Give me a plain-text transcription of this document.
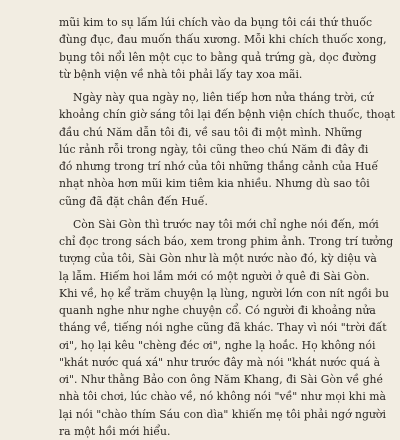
mũi kim to sụ lấm lúi chích vào da bụng tôi cái thứ thuốc
đùng đục, đau muốn thấu xương. Mỗi khi chích thuốc xong,
bụng tôi nổi lên một cục to bằng quả trứng gà, dọc đường
từ bệnh viện về nhà tôi phải lấy tay xoa mãi.
Ngày này qua ngày nọ, liên tiếp hơn nửa tháng trời, cứ
khoảng chín giờ sáng tôi lại đến bệnh viện chích thuốc, thoạt
đầu chú Năm dẫn tôi đi, về sau tôi đi một mình. Những
lúc rảnh rỗi trong ngày, tôi cũng theo chú Năm đi đây đi
đó nhưng trong trí nhớ của tôi những thắng cảnh của Huế
nhạt nhòa hơn mũi kim tiêm kia nhiều. Nhưng dù sao tôi
cũng đã đặt chân đến Huế.
Còn Sài Gòn thì trước nay tôi mới chỉ nghe nói đến, mới
chỉ đọc trong sách báo, xem trong phim ảnh. Trong trí tưởng
tượng của tôi, Sài Gòn như là một nước nào đó, kỳ diệu và
lạ lẫm. Hiếm hoi lắm mới có một người ở quê đi Sài Gòn.
Khi về, họ kể trăm chuyện lạ lùng, người lớn con nít ngồi bu
quanh nghe như nghe chuyện cổ. Có người đi khoảng nửa
tháng về, tiếng nói nghe cũng đã khác. Thay vì nói "trời đất
ơi", họ lại kêu "chèng đéc ơi", nghe lạ hoắc. Họ không nói
"khát nước quá xá" như trước đây mà nói "khát nước quá à
ơi". Như thằng Bảo con ông Năm Khang, đi Sài Gòn về ghé
nhà tôi chơi, lúc chào về, nó không nói "về" như mọi khi mà
lại nói "chào thím Sáu con dìa" khiến mẹ tôi phải ngớ người
ra một hồi mới hiểu.
